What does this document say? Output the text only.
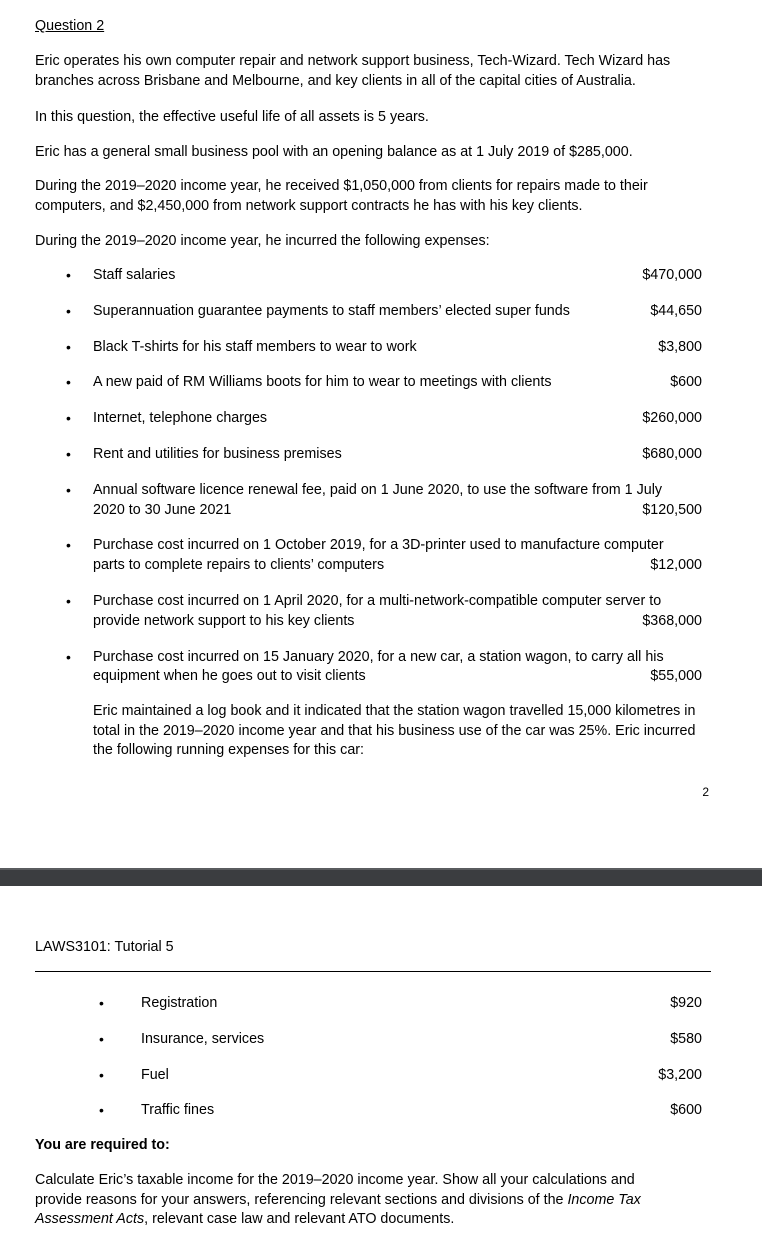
Question 2

Eric operates his own computer repair and network support business, Tech-Wizard. Tech Wizard has branches across Brisbane and Melbourne, and key clients in all of the capital cities of Australia.

In this question, the effective useful life of all assets is 5 years.

Eric has a general small business pool with an opening balance as at 1 July 2019 of $285,000.

During the 2019–2020 income year, he received $1,050,000 from clients for repairs made to their computers, and $2,450,000 from network support contracts he has with his key clients.

During the 2019–2020 income year, he incurred the following expenses:

• Staff salaries	$470,000
• Superannuation guarantee payments to staff members’ elected super funds	$44,650
• Black T-shirts for his staff members to wear to work	$3,800
• A new paid of RM Williams boots for him to wear to meetings with clients	$600
• Internet, telephone charges	$260,000
• Rent and utilities for business premises	$680,000
• Annual software licence renewal fee, paid on 1 June 2020, to use the software from 1 July
2020 to 30 June 2021	$120,500
• Purchase cost incurred on 1 October 2019, for a 3D-printer used to manufacture computer
parts to complete repairs to clients’ computers	$12,000
• Purchase cost incurred on 1 April 2020, for a multi-network-compatible computer server to
provide network support to his key clients	$368,000
• Purchase cost incurred on 15 January 2020, for a new car, a station wagon, to carry all his
equipment when he goes out to visit clients	$55,000

Eric maintained a log book and it indicated that the station wagon travelled 15,000 kilometres in total in the 2019–2020 income year and that his business use of the car was 25%. Eric incurred the following running expenses for this car:

2
LAWS3101: Tutorial 5
•	Registration	$920
•	Insurance, services	$580
•	Fuel	$3,200
•	Traffic fines	$600

You are required to:

Calculate Eric’s taxable income for the 2019–2020 income year. Show all your calculations and provide reasons for your answers, referencing relevant sections and divisions of the Income Tax Assessment Acts, relevant case law and relevant ATO documents.
